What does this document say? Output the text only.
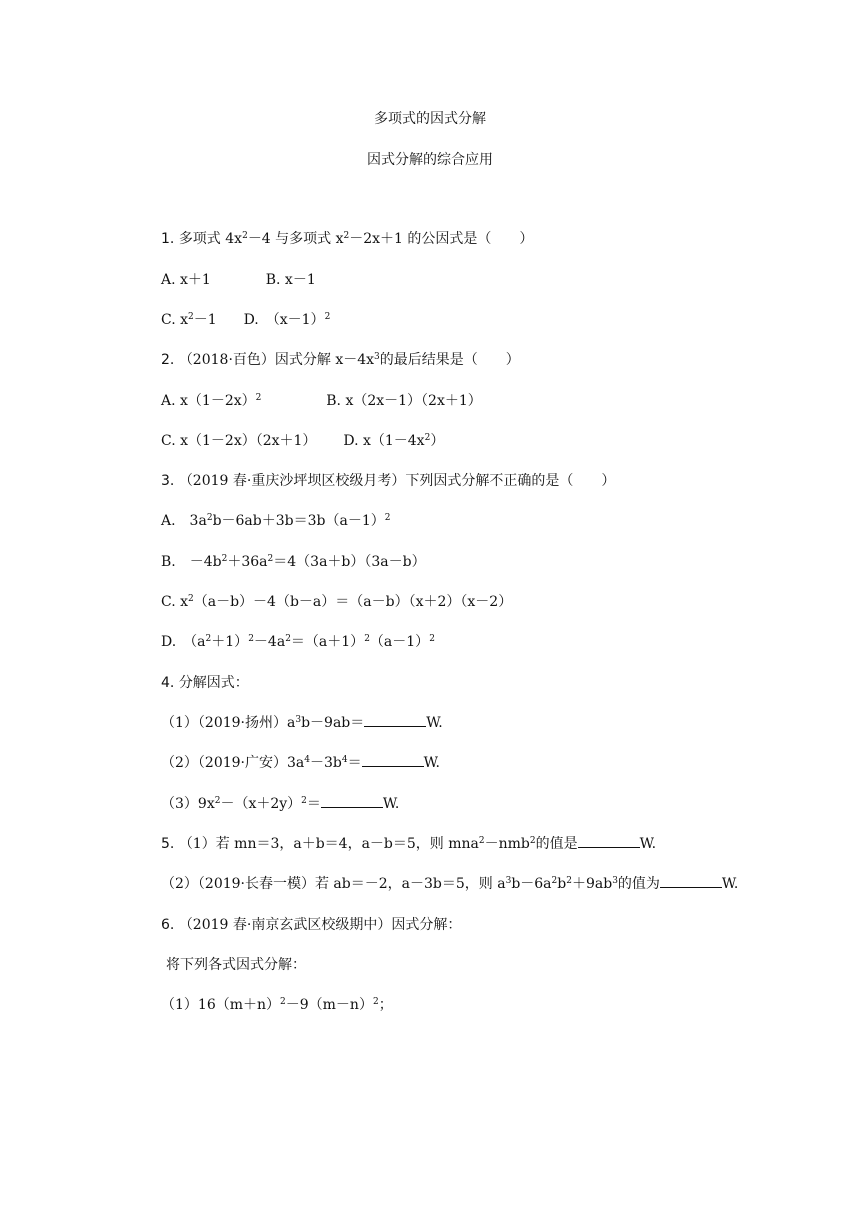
多项式的因式分解
因式分解的综合应用
1. 多项式 $4x^2-4$ 与多项式 $x^2-2x+1$ 的公因式是（　　）
A. x＋1	B. x－1
C. $x^2-1$ D.　$(x-1)^2$
2. （2018·百色）因式分解 $x-4x^3$的最后结果是（　　）
A. $x(1-2x)^2$	B. x（2x－1）（2x＋1）
C. x（1－2x）（2x＋1） D. $x(1-4x^2)$
3. （2019 春·重庆沙坪坝区校级月考）下列因式分解不正确的是（　　）
A.　$3a^2b-6ab+3b=3b(a-1)^2$
B.　$-4b^2+36a^2=4(3a+b)(3a-b)$
C. $x^2(a-b)-4(b-a)=(a-b)(x+2)(x-2)$
D.　$(a^2+1)^2-4a^2=(a+1)^2(a-1)^2$
4. 分解因式：
（1）（2019·扬州）$a^3b-9ab=$	W.
（2）（2019·广安）$3a^4-3b^4=$	W.
$(3)9x^2-(x+2y)^2=$	W.
5. （1）若 mn＝3，a＋b＝4，a－b＝5，则 mna$^2$－nmb$^2$的值是	W.
（2）（2019·长春一模）若 ab＝－2，a－3b＝5，则 $a^3b-6a^2b^2+9ab^3$的值为	W.
6. （2019 春·南京玄武区校级期中）因式分解：
将下列各式因式分解：
$(1)16(m+n)^2-9(m-n)^2$；
